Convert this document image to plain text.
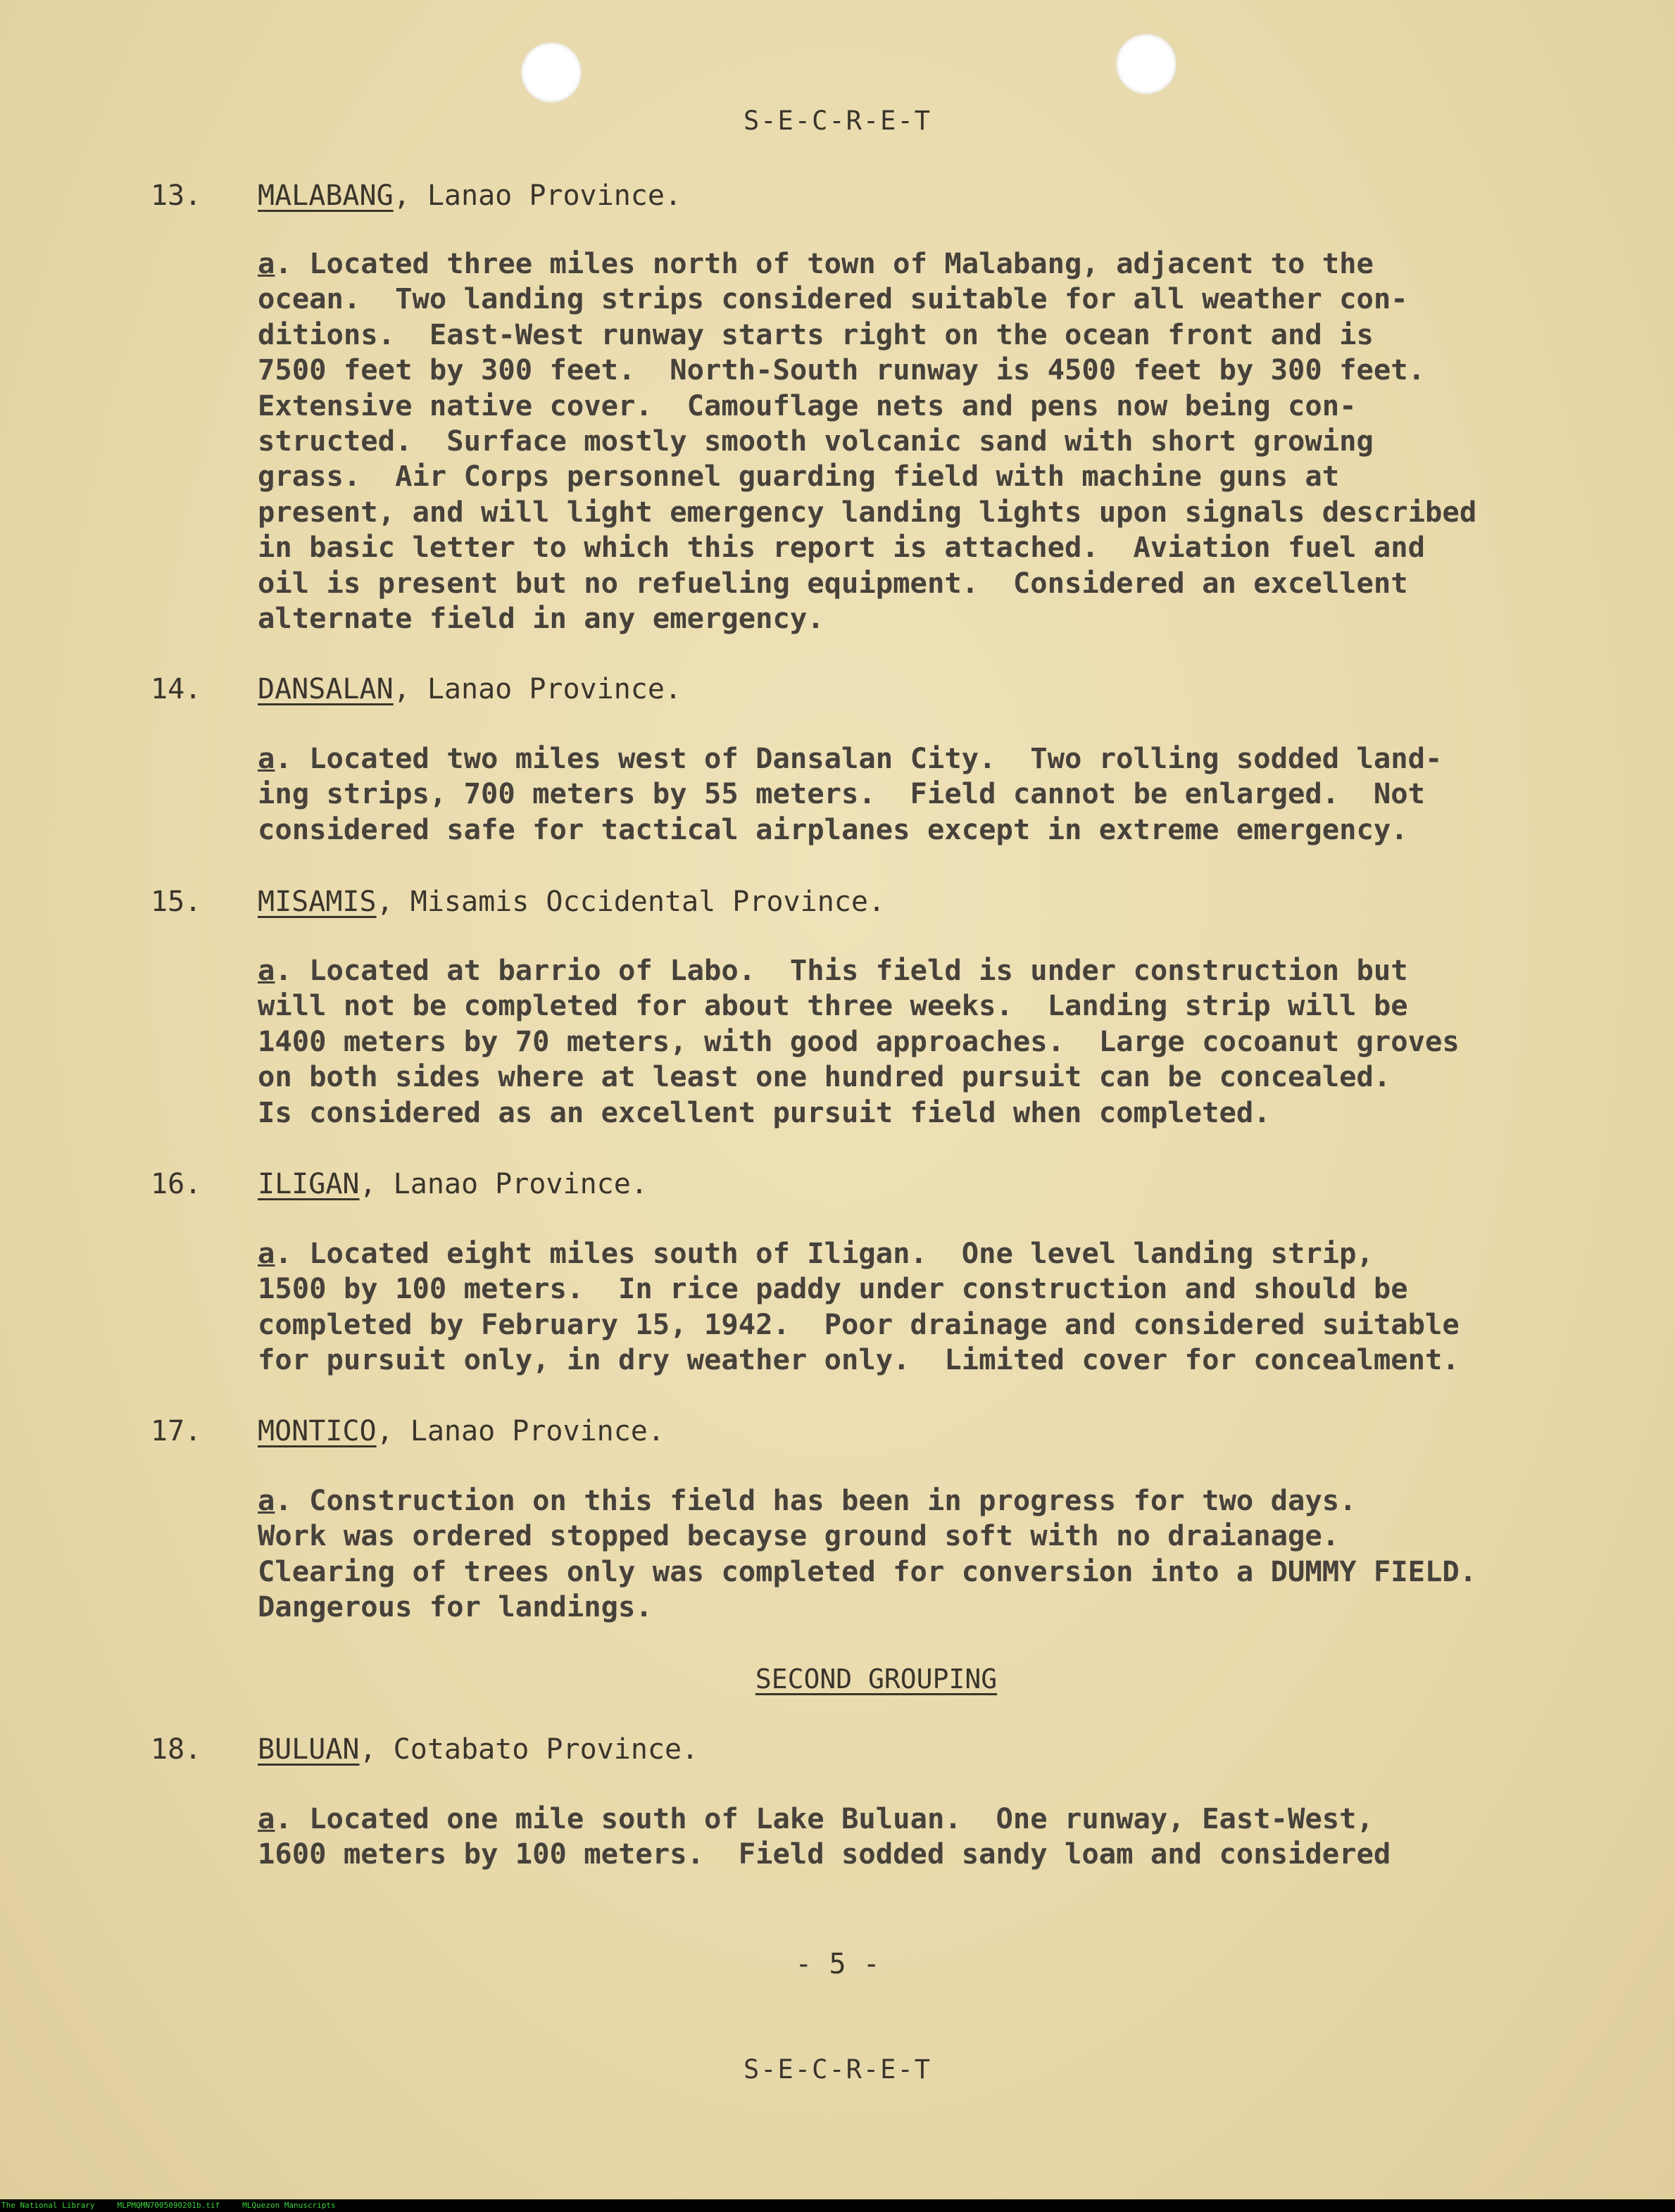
S-E-C-R-E-T
13. MALABANG, Lanao Province.
a. Located three miles north of town of Malabang, adjacent to the
ocean.  Two landing strips considered suitable for all weather con-
ditions.  East-West runway starts right on the ocean front and is
7500 feet by 300 feet.  North-South runway is 4500 feet by 300 feet.
Extensive native cover.  Camouflage nets and pens now being con-
structed.  Surface mostly smooth volcanic sand with short growing
grass.  Air Corps personnel guarding field with machine guns at
present, and will light emergency landing lights upon signals described
in basic letter to which this report is attached.  Aviation fuel and
oil is present but no refueling equipment.  Considered an excellent
alternate field in any emergency.
14. DANSALAN, Lanao Province.
a. Located two miles west of Dansalan City.  Two rolling sodded land-
ing strips, 700 meters by 55 meters.  Field cannot be enlarged.  Not
considered safe for tactical airplanes except in extreme emergency.
15. MISAMIS, Misamis Occidental Province.
a. Located at barrio of Labo.  This field is under construction but
will not be completed for about three weeks.  Landing strip will be
1400 meters by 70 meters, with good approaches.  Large cocoanut groves
on both sides where at least one hundred pursuit can be concealed.
Is considered as an excellent pursuit field when completed.
16. ILIGAN, Lanao Province.
a. Located eight miles south of Iligan.  One level landing strip,
1500 by 100 meters.  In rice paddy under construction and should be
completed by February 15, 1942.  Poor drainage and considered suitable
for pursuit only, in dry weather only.  Limited cover for concealment.
17. MONTICO, Lanao Province.
a. Construction on this field has been in progress for two days.
Work was ordered stopped becayse ground soft with no draianage.
Clearing of trees only was completed for conversion into a DUMMY FIELD.
Dangerous for landings.
SECOND GROUPING
18. BULUAN, Cotabato Province.
a. Located one mile south of Lake Buluan.  One runway, East-West,
1600 meters by 100 meters.  Field sodded sandy loam and considered
- 5 -
S-E-C-R-E-T
The National Library	MLPMQMN7005090201b.tif	MLQuezon Manuscripts
